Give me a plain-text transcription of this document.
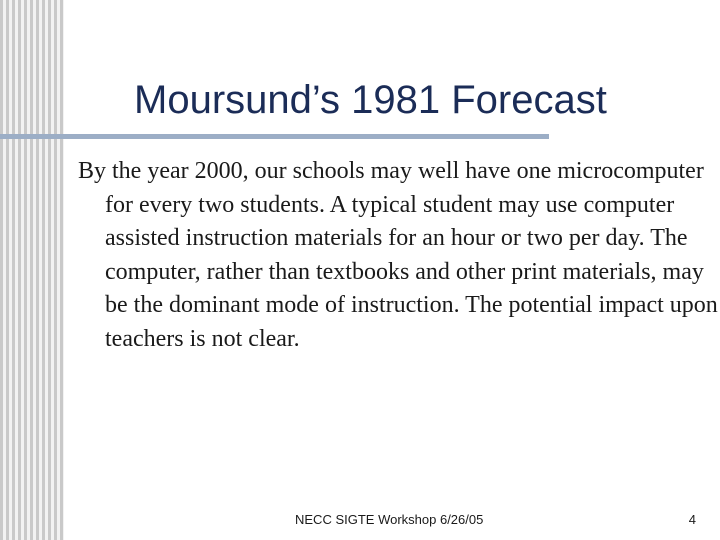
Moursund’s 1981 Forecast

By the year 2000, our schools may well have one microcomputer for every two students. A typical student may use computer assisted instruction materials for an hour or two per day. The computer, rather than textbooks and other print materials, may be the dominant mode of instruction. The potential impact upon teachers is not clear.

NECC SIGTE Workshop 6/26/05	4
